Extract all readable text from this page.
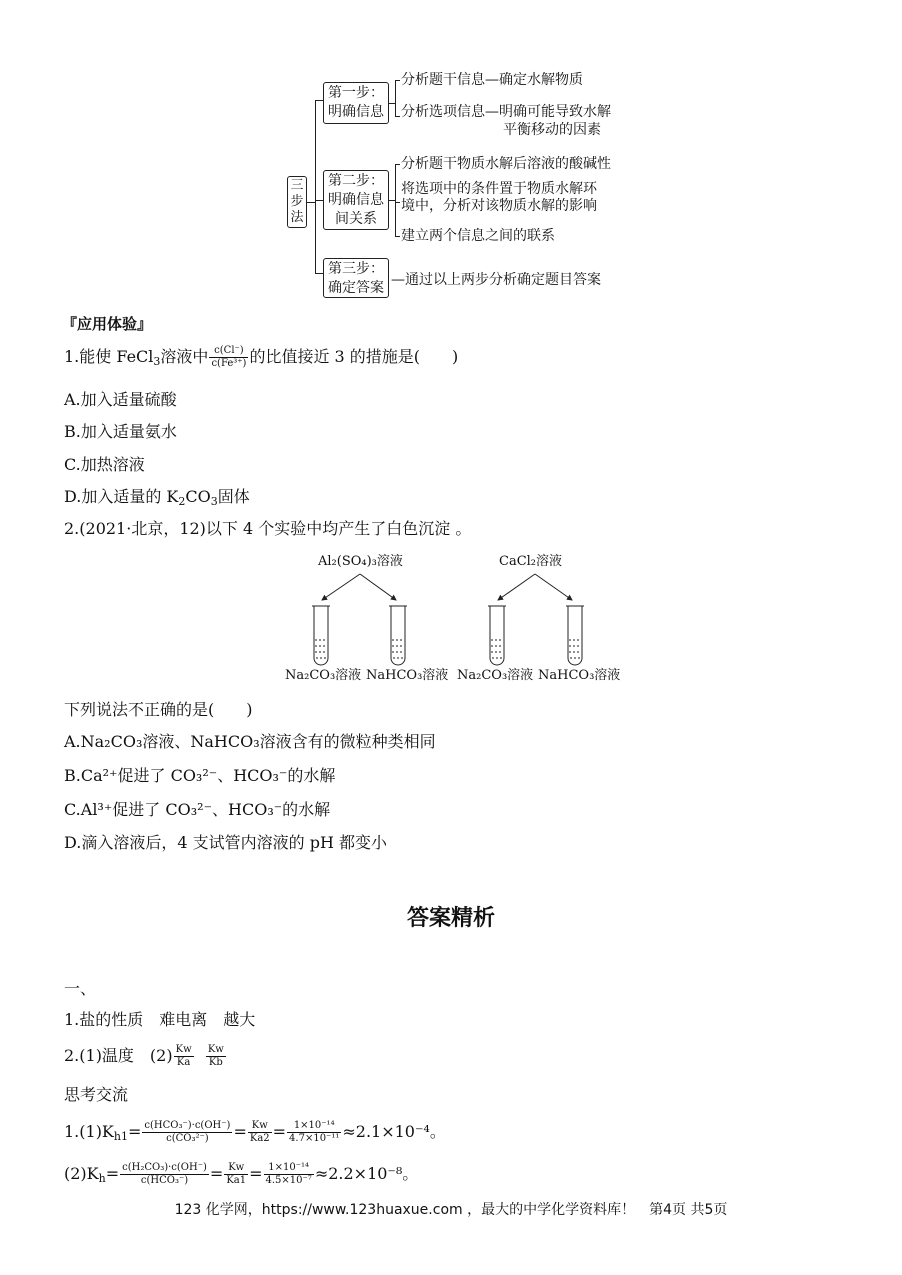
三
步
法
第一步：
明确信息
第二步：
明确信息
间关系
第三步：
确定答案
分析题干信息—确定水解物质
分析选项信息—明确可能导致水解
平衡移动的因素
分析题干物质水解后溶液的酸碱性
将选项中的条件置于物质水解环
境中，分析对该物质水解的影响
建立两个信息之间的联系
—通过以上两步分析确定题目答案
『应用体验』
1.能使 FeCl$_3$溶液中 $\frac{c(Cl^-)}{\text{c(Fe³⁺)}}$ 的比值接近 3 的措施是(　　)
A.加入适量硫酸
B.加入适量氨水
C.加热溶液
D.加入适量的 $K_2CO_3$固体
2.(2021·北京，12)以下 4 个实验中均产生了白色沉淀 。
Al₂(SO₄)₃溶液	CaCl₂溶液
Na₂CO₃溶液 NaHCO₃溶液 Na₂CO₃溶液 NaHCO₃溶液
下列说法不正确的是(　　)
A.Na₂CO₃溶液、NaHCO₃溶液含有的微粒种类相同
B.Ca²⁺促进了 CO₃²⁻、HCO₃⁻的水解
C.Al³⁺促进了 CO₃²⁻、HCO₃⁻的水解
D.滴入溶液后，4 支试管内溶液的 pH 都变小
答案精析
一、
1.盐的性质　难电离　越大
2.(1)温度　$(2) \frac{Kw}{Ka}$
$\frac{Kw}{Kb}$
思考交流
$1.(1)K_{h1}= \frac{\text{c(HCO₃⁻)·c(OH⁻)}}{\text{c(CO₃²⁻)}} = \frac{Kw}{Ka2} = \frac{\text{1×10⁻¹⁴}}{\text{4.7×10⁻¹¹}} \approx 2.1\times 10^{-4}$。
$(2)K_h= \frac{\text{c(H₂CO₃)·c(OH⁻)}}{\text{c(HCO₃⁻)}} = \frac{Kw}{Ka1} = \frac{\text{1×10⁻¹⁴}}{\text{4.5×10⁻⁷}} \approx 2.2\times 10^{-8}$。
123 化学网，https://www.123huaxue.com ，最大的中学化学资料库！　第4页 共5页
